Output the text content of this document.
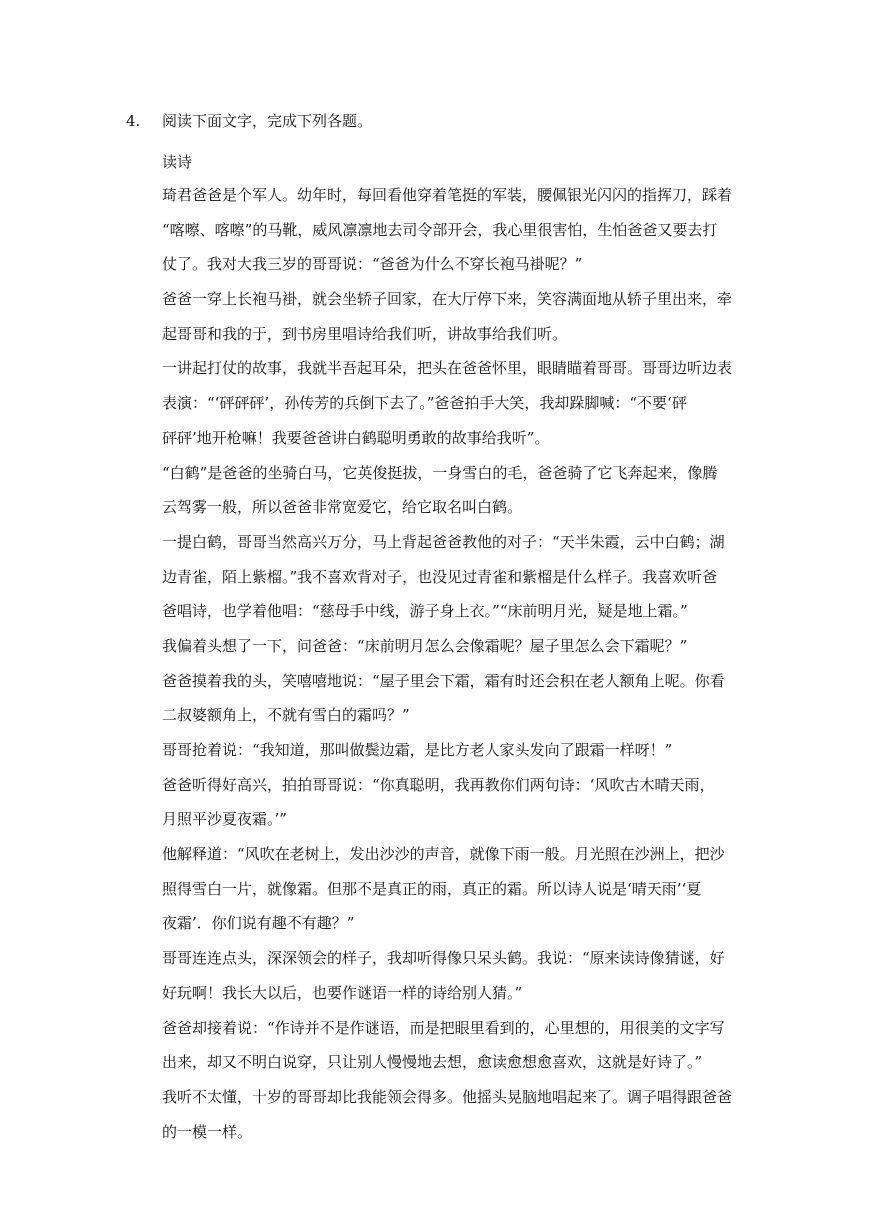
4. 阅读下面文字，完成下列各题。
读诗
琦君爸爸是个军人。幼年时，每回看他穿着笔挺的军装，腰佩银光闪闪的指挥刀，踩着
“喀嚓、喀嚓”的马靴，威风凛凛地去司令部开会，我心里很害怕，生怕爸爸又要去打
仗了。我对大我三岁的哥哥说：“爸爸为什么不穿长袍马褂呢？”
爸爸一穿上长袍马褂，就会坐轿子回家，在大厅停下来，笑容满面地从轿子里出来，牵
起哥哥和我的于，到书房里唱诗给我们听，讲故事给我们听。
一讲起打仗的故事，我就半吾起耳朵，把头在爸爸怀里，眼睛瞄着哥哥。哥哥边听边表
表演：“‘砰砰砰’，孙传芳的兵倒下去了。”爸爸拍手大笑，我却跺脚喊：“不要‘砰
砰砰’地开枪嘛！我要爸爸讲白鹤聪明勇敢的故事给我听”。
“白鹤”是爸爸的坐骑白马，它英俊挺拔，一身雪白的毛，爸爸骑了它飞奔起来，像腾
云驾雾一般，所以爸爸非常宽爱它，给它取名叫白鹤。
一提白鹤，哥哥当然高兴万分，马上背起爸爸教他的对子：“天半朱霞，云中白鹤；湖
边青雀，陌上紫榴。”我不喜欢背对子，也没见过青雀和紫榴是什么样子。我喜欢听爸
爸唱诗，也学着他唱：“慈母手中线，游子身上衣。”“床前明月光，疑是地上霜。”
我偏着头想了一下，问爸爸：“床前明月怎么会像霜呢？屋子里怎么会下霜呢？”
爸爸摸着我的头，笑嘻嘻地说：“屋子里会下霜，霜有时还会积在老人额角上呢。你看
二叔婆额角上，不就有雪白的霜吗？”
哥哥抢着说：“我知道，那叫做鬓边霜，是比方老人家头发向了跟霜一样呀！”
爸爸听得好高兴，拍拍哥哥说：“你真聪明，我再教你们两句诗：‘风吹古木晴天雨，
月照平沙夏夜霜。’”
他解释道：“风吹在老树上，发出沙沙的声音，就像下雨一般。月光照在沙洲上，把沙
照得雪白一片，就像霜。但那不是真正的雨，真正的霜。所以诗人说是‘晴天雨’‘夏
夜霜’．你们说有趣不有趣？”
哥哥连连点头，深深领会的样子，我却听得像只呆头鹤。我说：“原来读诗像猜谜，好
好玩啊！我长大以后，也要作谜语一样的诗给别人猜。”
爸爸却接着说：“作诗并不是作谜语，而是把眼里看到的，心里想的，用很美的文字写
出来，却又不明白说穿，只让别人慢慢地去想，愈读愈想愈喜欢，这就是好诗了。”
我听不太懂，十岁的哥哥却比我能领会得多。他摇头晃脑地唱起来了。调子唱得跟爸爸
的一模一样。
